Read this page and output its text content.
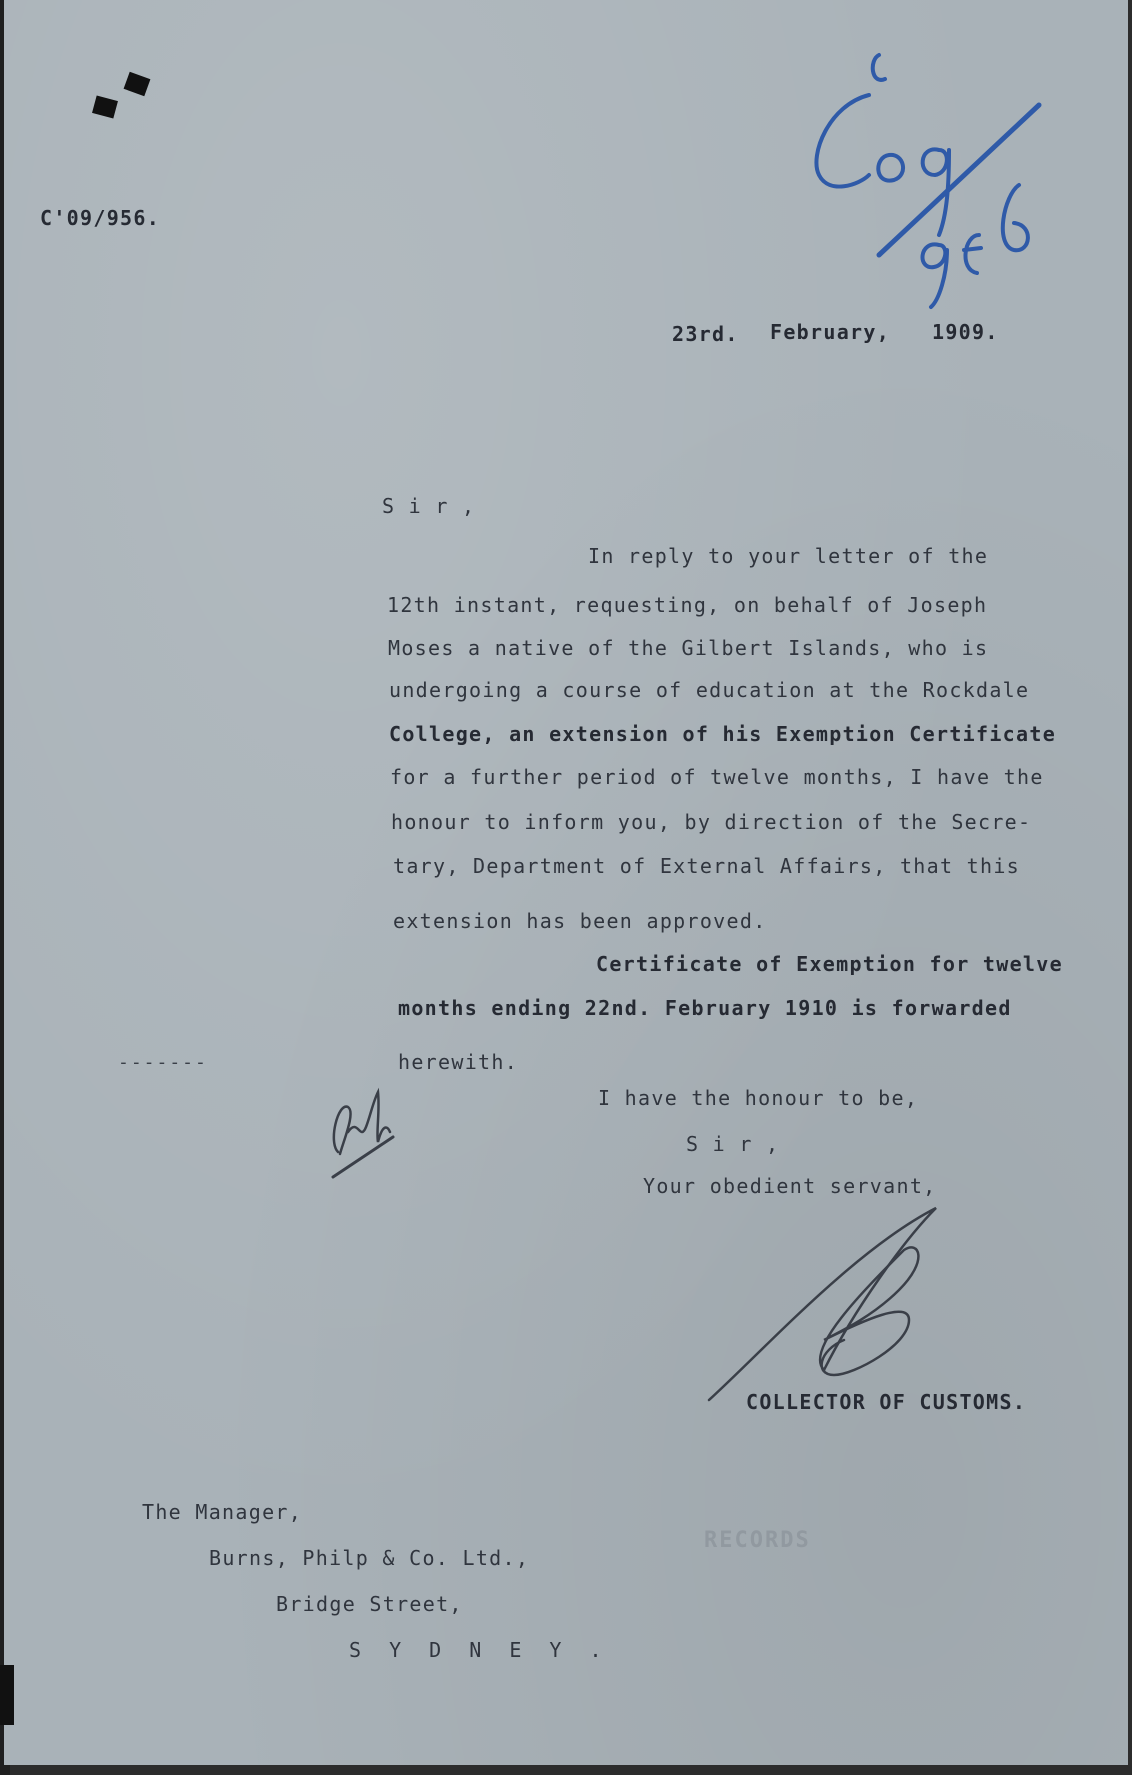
C'09/956.
23rd. February, 1909.
S i r ,
In reply to your letter of the
12th instant, requesting, on behalf of Joseph
Moses a native of the Gilbert Islands, who is
undergoing a course of education at the Rockdale
College, an extension of his Exemption Certificate
for a further period of twelve months, I have the
honour to inform you, by direction of the Secre-
tary, Department of External Affairs, that this
extension has been approved.
Certificate of Exemption for twelve
months ending 22nd. February 1910 is forwarded
herewith.
-------
I have the honour to be,
S i r ,
Your obedient servant,
COLLECTOR OF CUSTOMS.
The Manager,
Burns, Philp & Co. Ltd.,
Bridge Street,
S Y D N E Y .
RECORDS
